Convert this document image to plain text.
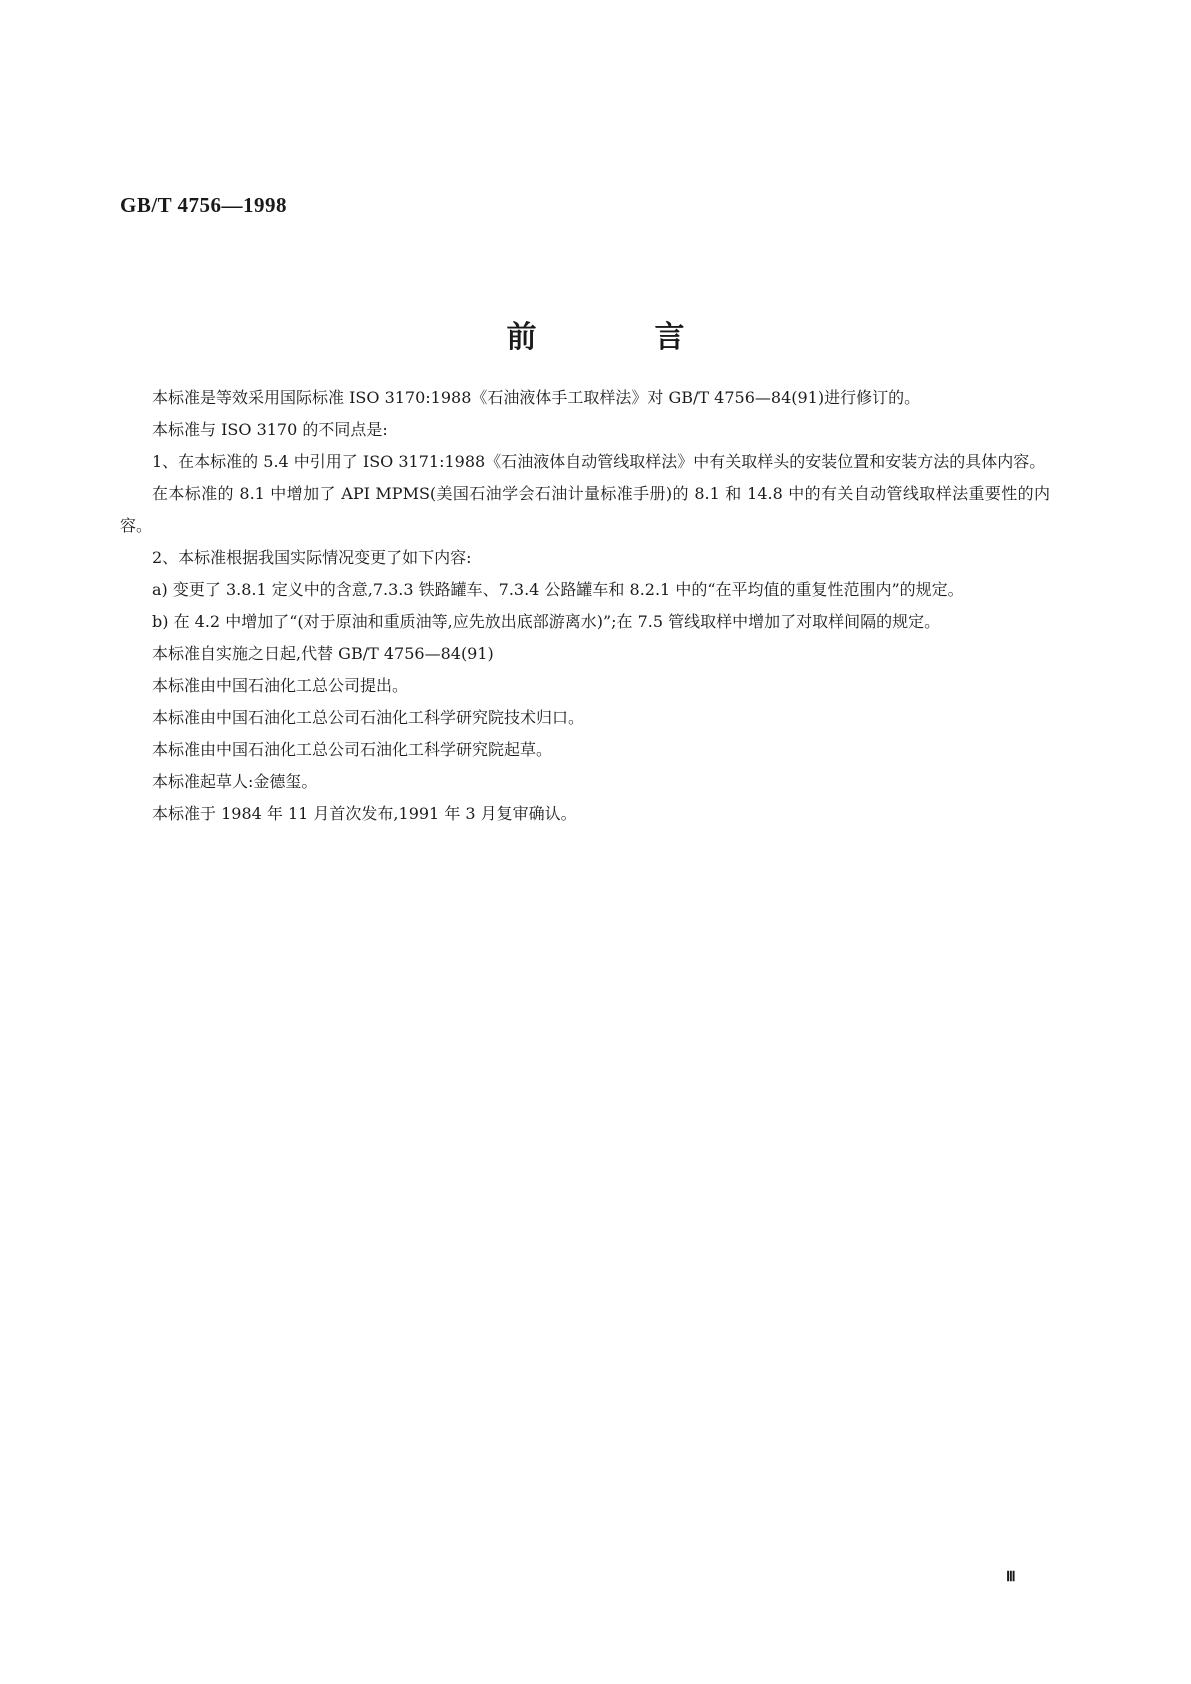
GB/T 4756—1998
前言

本标准是等效采用国际标准 ISO 3170:1988《石油液体手工取样法》对 GB/T 4756—84(91)进行修订的。

本标准与 ISO 3170 的不同点是:

1、在本标准的 5.4 中引用了 ISO 3171:1988《石油液体自动管线取样法》中有关取样头的安装位置和安装方法的具体内容。

在本标准的 8.1 中增加了 API MPMS(美国石油学会石油计量标准手册)的 8.1 和 14.8 中的有关自动管线取样法重要性的内容。

2、本标准根据我国实际情况变更了如下内容:

a) 变更了 3.8.1 定义中的含意,7.3.3 铁路罐车、7.3.4 公路罐车和 8.2.1 中的“在平均值的重复性范围内”的规定。

b) 在 4.2 中增加了“(对于原油和重质油等,应先放出底部游离水)”;在 7.5 管线取样中增加了对取样间隔的规定。

本标准自实施之日起,代替 GB/T 4756—84(91)

本标准由中国石油化工总公司提出。

本标准由中国石油化工总公司石油化工科学研究院技术归口。

本标准由中国石油化工总公司石油化工科学研究院起草。

本标准起草人:金德玺。

本标准于 1984 年 11 月首次发布,1991 年 3 月复审确认。

Ⅲ
